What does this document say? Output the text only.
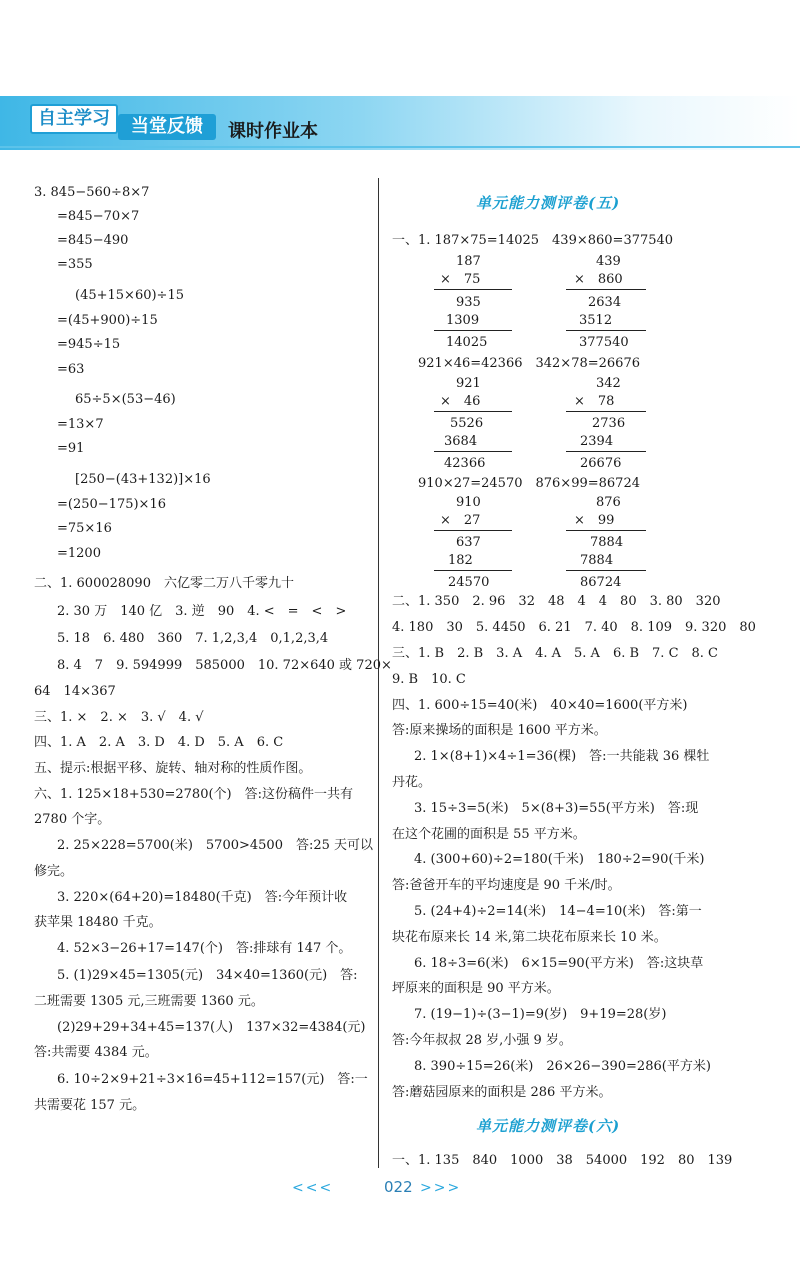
自主学习	当堂反馈	课时作业本
3. 845−560÷8×7
=845−70×7
=845−490
=355
(45+15×60)÷15
=(45+900)÷15
=945÷15
=63
65÷5×(53−46)
=13×7
=91
[250−(43+132)]×16
=(250−175)×16
=75×16
=1200
二、1. 600028090　六亿零二万八千零九十
2. 30 万　140 亿　3. 逆　90　4. <　=　<　>
5. 18　6. 480　360　7. 1,2,3,4　0,1,2,3,4
8. 4　7　9. 594999　585000　10. 72×640 或 720×
64　14×367
三、1. ×　2. ×　3. √　4. √
四、1. A　2. A　3. D　4. D　5. A　6. C
五、提示:根据平移、旋转、轴对称的性质作图。
六、1. 125×18+530=2780(个)　答:这份稿件一共有
2780 个字。
2. 25×228=5700(米)　5700>4500　答:25 天可以
修完。
3. 220×(64+20)=18480(千克)　答:今年预计收
获苹果 18480 千克。
4. 52×3−26+17=147(个)　答:排球有 147 个。
5. (1)29×45=1305(元)　34×40=1360(元)　答:
二班需要 1305 元,三班需要 1360 元。
(2)29+29+34+45=137(人)　137×32=4384(元)
答:共需要 4384 元。
6. 10÷2×9+21÷3×16=45+112=157(元)　答:一
共需要花 157 元。
单元能力测评卷(五)
一、1. 187×75=14025　439×860=377540
187
×　75
935
1309
14025
439
×　860
2634
3512
377540
921×46=42366　342×78=26676
921
×　46
5526
3684
42366
342
×　78
2736
2394
26676
910×27=24570　876×99=86724
910
×　27
637
182
24570
876
×　99
7884
7884
86724
二、1. 350　2. 96　32　48　4　4　80　3. 80　320
4. 180　30　5. 4450　6. 21　7. 40　8. 109　9. 320　80
三、1. B　2. B　3. A　4. A　5. A　6. B　7. C　8. C
9. B　10. C
四、1. 600÷15=40(米)　40×40=1600(平方米)
答:原来操场的面积是 1600 平方米。
2. 1×(8+1)×4÷1=36(棵)　答:一共能栽 36 棵牡
丹花。
3. 15÷3=5(米)　5×(8+3)=55(平方米)　答:现
在这个花圃的面积是 55 平方米。
4. (300+60)÷2=180(千米)　180÷2=90(千米)
答:爸爸开车的平均速度是 90 千米/时。
5. (24+4)÷2=14(米)　14−4=10(米)　答:第一
块花布原来长 14 米,第二块花布原来长 10 米。
6. 18÷3=6(米)　6×15=90(平方米)　答:这块草
坪原来的面积是 90 平方米。
7. (19−1)÷(3−1)=9(岁)　9+19=28(岁)
答:今年叔叔 28 岁,小强 9 岁。
8. 390÷15=26(米)　26×26−390=286(平方米)
答:蘑菇园原来的面积是 286 平方米。
单元能力测评卷(六)
一、1. 135　840　1000　38　54000　192　80　139
<<<	022 >>>
